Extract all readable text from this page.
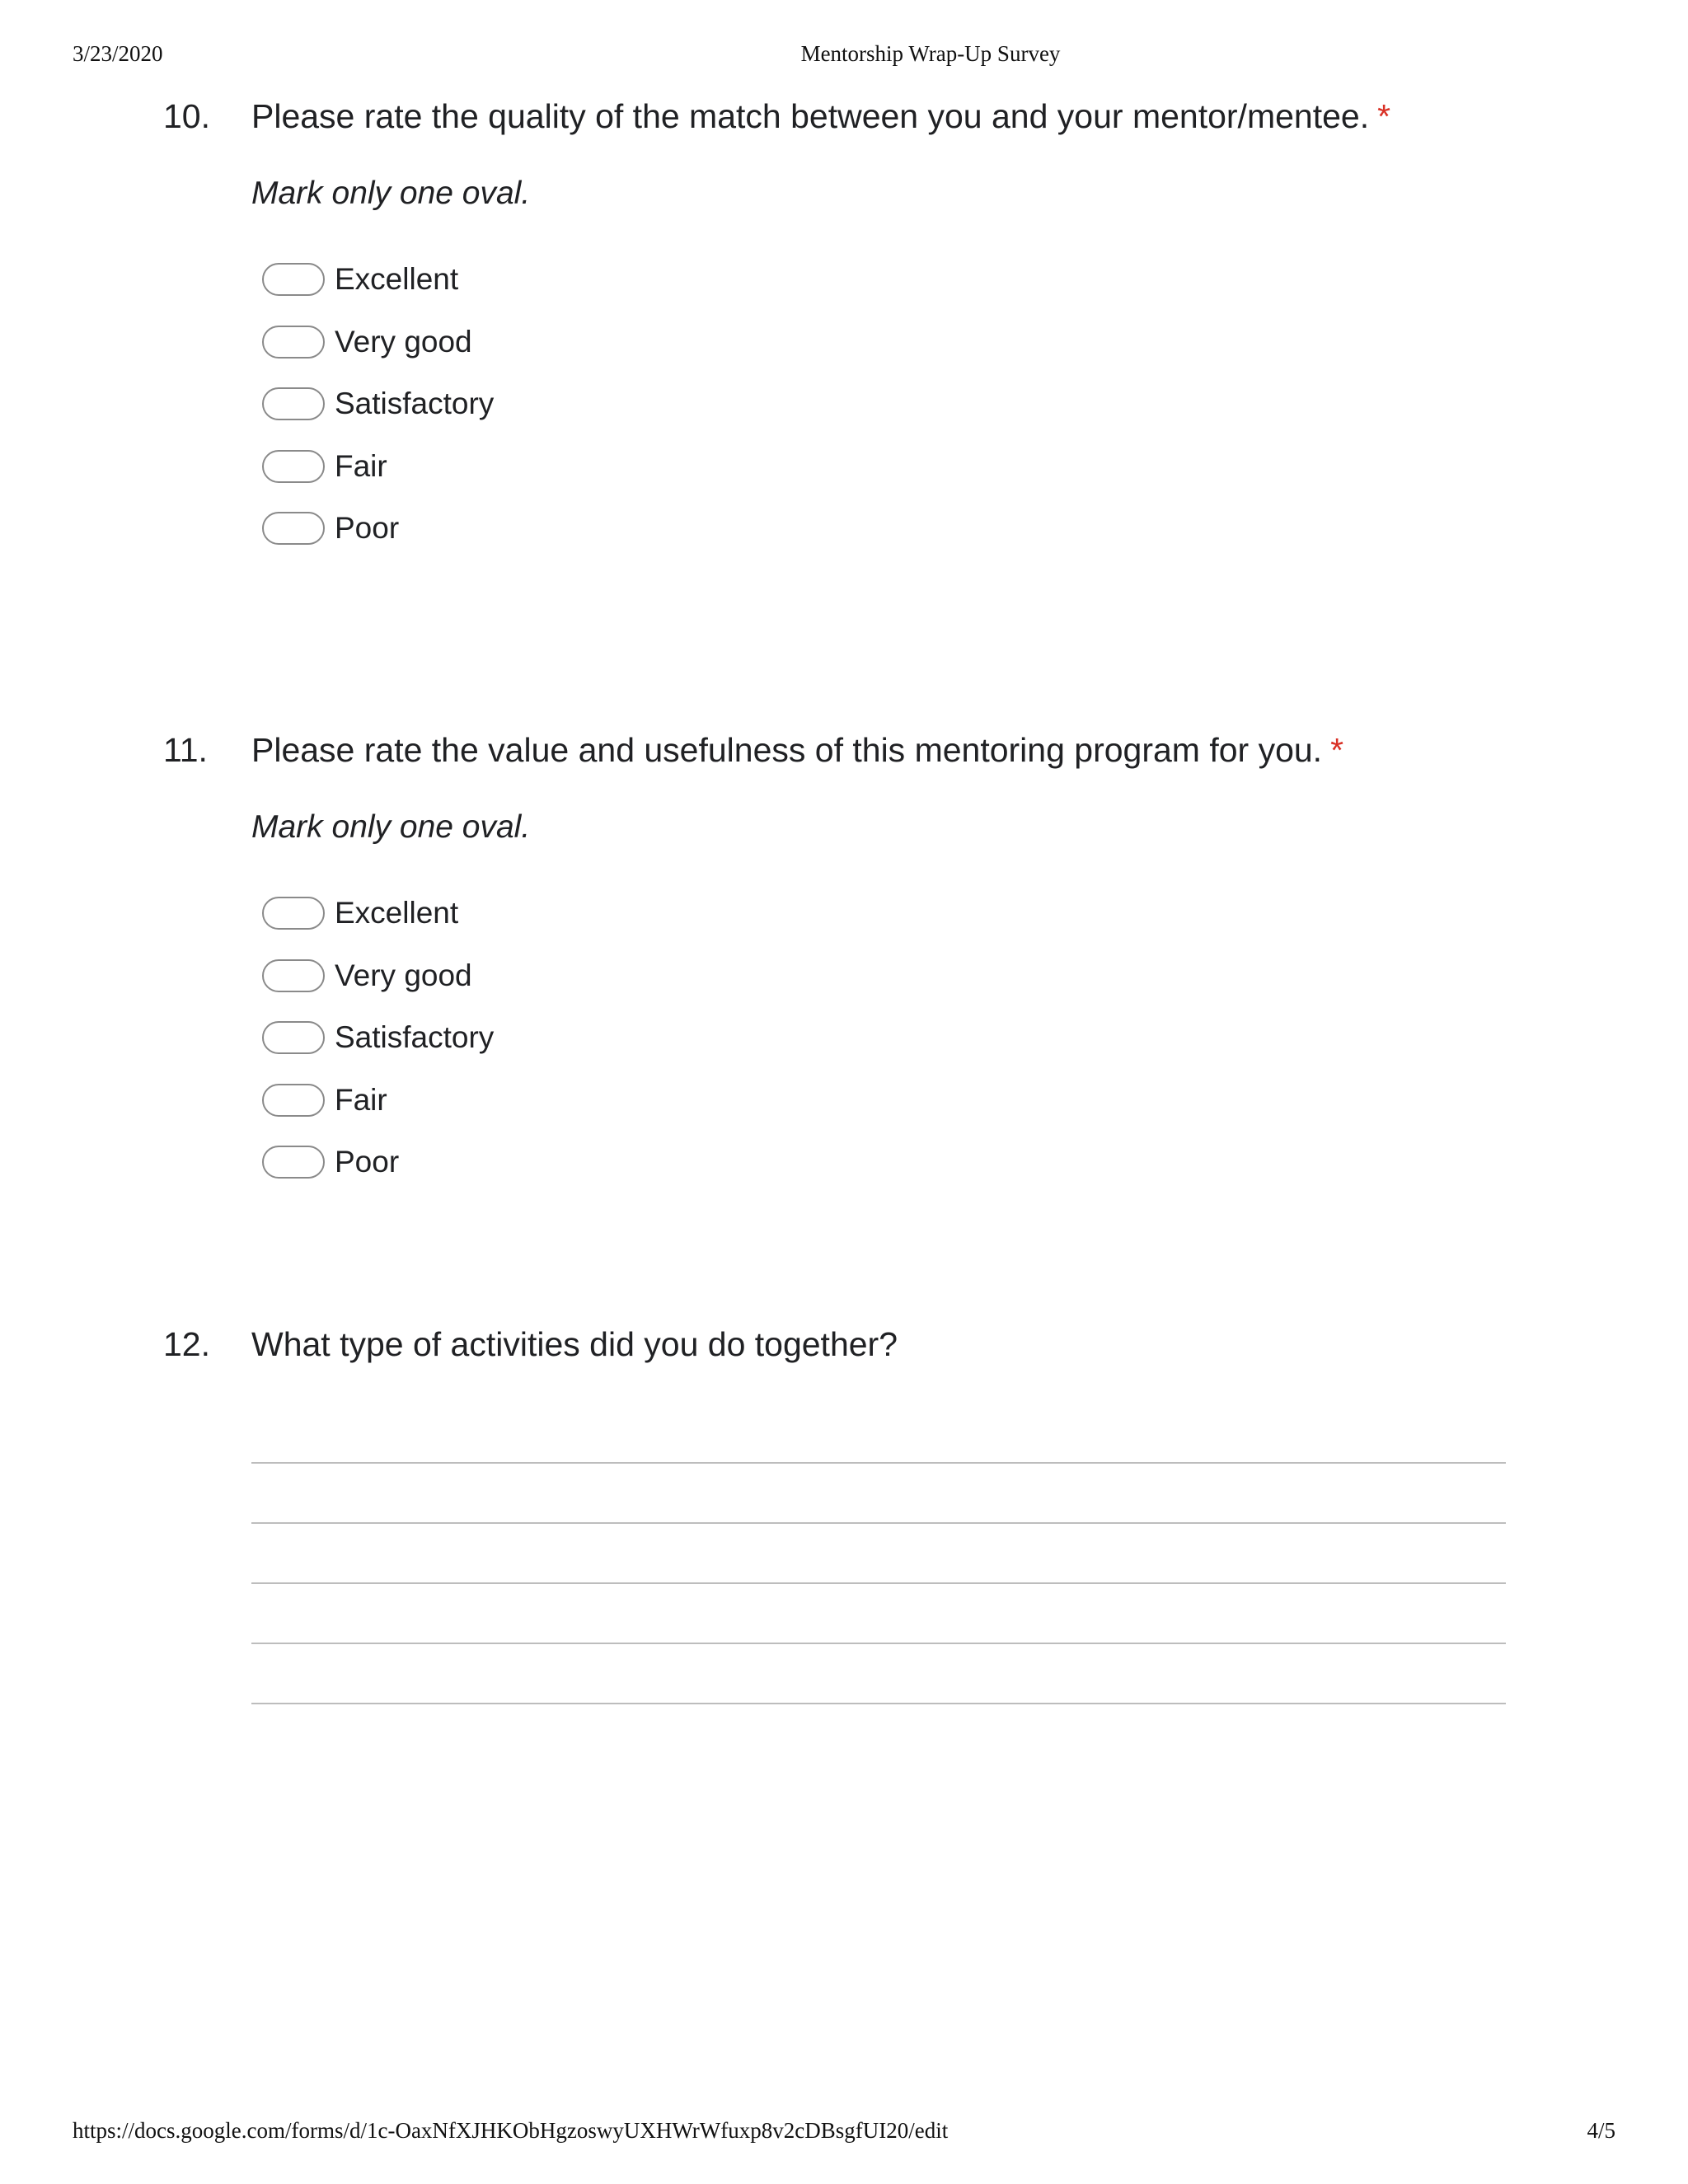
3/23/2020	Mentorship Wrap-Up Survey
10. Please rate the quality of the match between you and your mentor/mentee. *
Mark only one oval.
Excellent
Very good
Satisfactory
Fair
Poor
11. Please rate the value and usefulness of this mentoring program for you. *
Mark only one oval.
Excellent
Very good
Satisfactory
Fair
Poor
12. What type of activities did you do together?
https://docs.google.com/forms/d/1c-OaxNfXJHKObHgzoswyUXHWrWfuxp8v2cDBsgfUI20/edit	4/5
